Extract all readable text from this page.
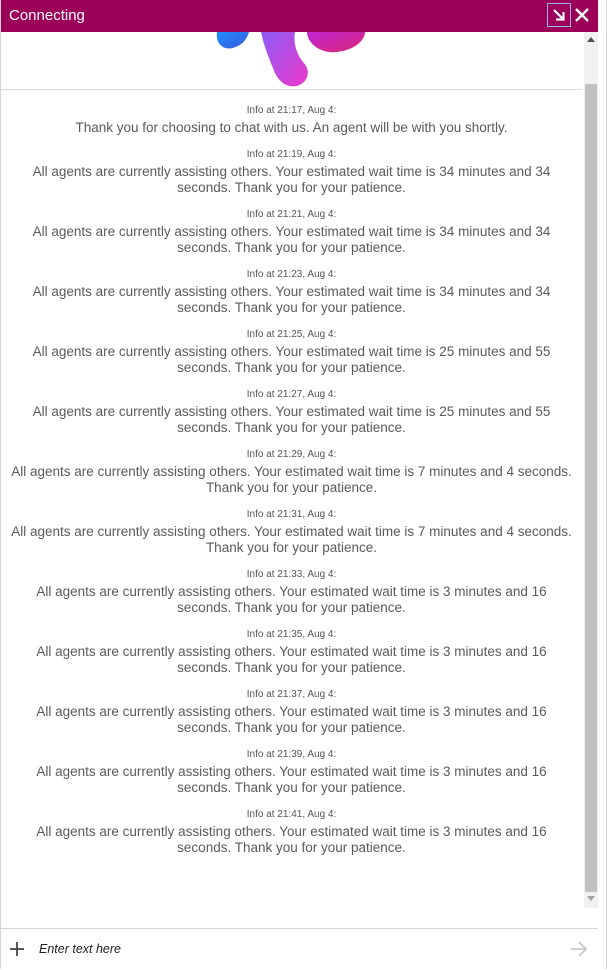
Connecting
Info at 21:17, Aug 4:
Thank you for choosing to chat with us. An agent will be with you shortly.
Info at 21:19, Aug 4:
All agents are currently assisting others. Your estimated wait time is 34 minutes and 34 seconds. Thank you for your patience.
Info at 21:21, Aug 4:
All agents are currently assisting others. Your estimated wait time is 34 minutes and 34 seconds. Thank you for your patience.
Info at 21:23, Aug 4:
All agents are currently assisting others. Your estimated wait time is 34 minutes and 34 seconds. Thank you for your patience.
Info at 21:25, Aug 4:
All agents are currently assisting others. Your estimated wait time is 25 minutes and 55 seconds. Thank you for your patience.
Info at 21:27, Aug 4:
All agents are currently assisting others. Your estimated wait time is 25 minutes and 55 seconds. Thank you for your patience.
Info at 21:29, Aug 4:
All agents are currently assisting others. Your estimated wait time is 7 minutes and 4 seconds. Thank you for your patience.
Info at 21:31, Aug 4:
All agents are currently assisting others. Your estimated wait time is 7 minutes and 4 seconds. Thank you for your patience.
Info at 21:33, Aug 4:
All agents are currently assisting others. Your estimated wait time is 3 minutes and 16 seconds. Thank you for your patience.
Info at 21:35, Aug 4:
All agents are currently assisting others. Your estimated wait time is 3 minutes and 16 seconds. Thank you for your patience.
Info at 21:37, Aug 4:
All agents are currently assisting others. Your estimated wait time is 3 minutes and 16 seconds. Thank you for your patience.
Info at 21:39, Aug 4:
All agents are currently assisting others. Your estimated wait time is 3 minutes and 16 seconds. Thank you for your patience.
Info at 21:41, Aug 4:
All agents are currently assisting others. Your estimated wait time is 3 minutes and 16 seconds. Thank you for your patience.
Enter text here
